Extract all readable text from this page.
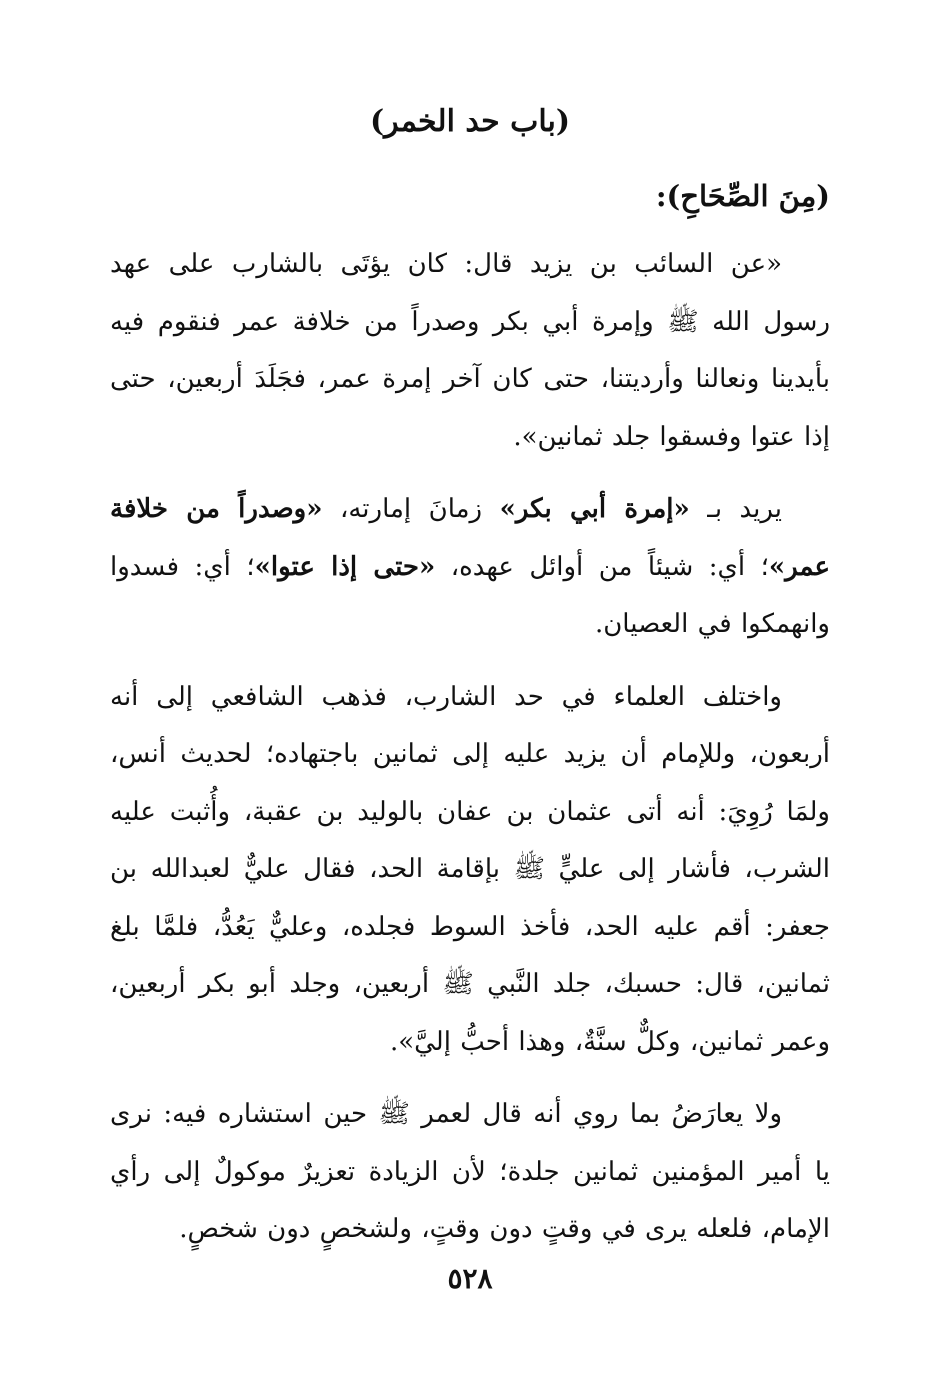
(باب حد الخمر)
(مِنَ الصِّحَاحِ):

«عن السائب بن يزيد قال: كان يؤتَى بالشارب على عهد رسول الله ﷺ وإمرة أبي بكر وصدراً من خلافة عمر فنقوم فيه بأيدينا ونعالنا وأرديتنا، حتى كان آخر إمرة عمر، فجَلَدَ أربعين، حتى إذا عتوا وفسقوا جلد ثمانين».

يريد بـ «إمرة أبي بكر» زمانَ إمارته، «وصدراً من خلافة عمر»؛ أي: شيئاً من أوائل عهده، «حتى إذا عتوا»؛ أي: فسدوا وانهمكوا في العصيان.

واختلف العلماء في حد الشارب، فذهب الشافعي إلى أنه أربعون، وللإمام أن يزيد عليه إلى ثمانين باجتهاده؛ لحديث أنس، ولمَا رُوِيَ: أنه أتى عثمان بن عفان بالوليد بن عقبة، وأُثبت عليه الشرب، فأشار إلى عليٍّ ﷺ بإقامة الحد، فقال عليٌّ لعبدالله بن جعفر: أقم عليه الحد، فأخذ السوط فجلده، وعليٌّ يَعُدُّ، فلمَّا بلغ ثمانين، قال: حسبك، جلد النَّبي ﷺ أربعين، وجلد أبو بكر أربعين، وعمر ثمانين، وكلٌّ سنَّةٌ، وهذا أحبُّ إليَّ».

ولا يعارَضُ بما روي أنه قال لعمر ﷺ حين استشاره فيه: نرى يا أمير المؤمنين ثمانين جلدة؛ لأن الزيادة تعزيرٌ موكولٌ إلى رأي الإمام، فلعله يرى في وقتٍ دون وقتٍ، ولشخصٍ دون شخصٍ.

٥٢٨
